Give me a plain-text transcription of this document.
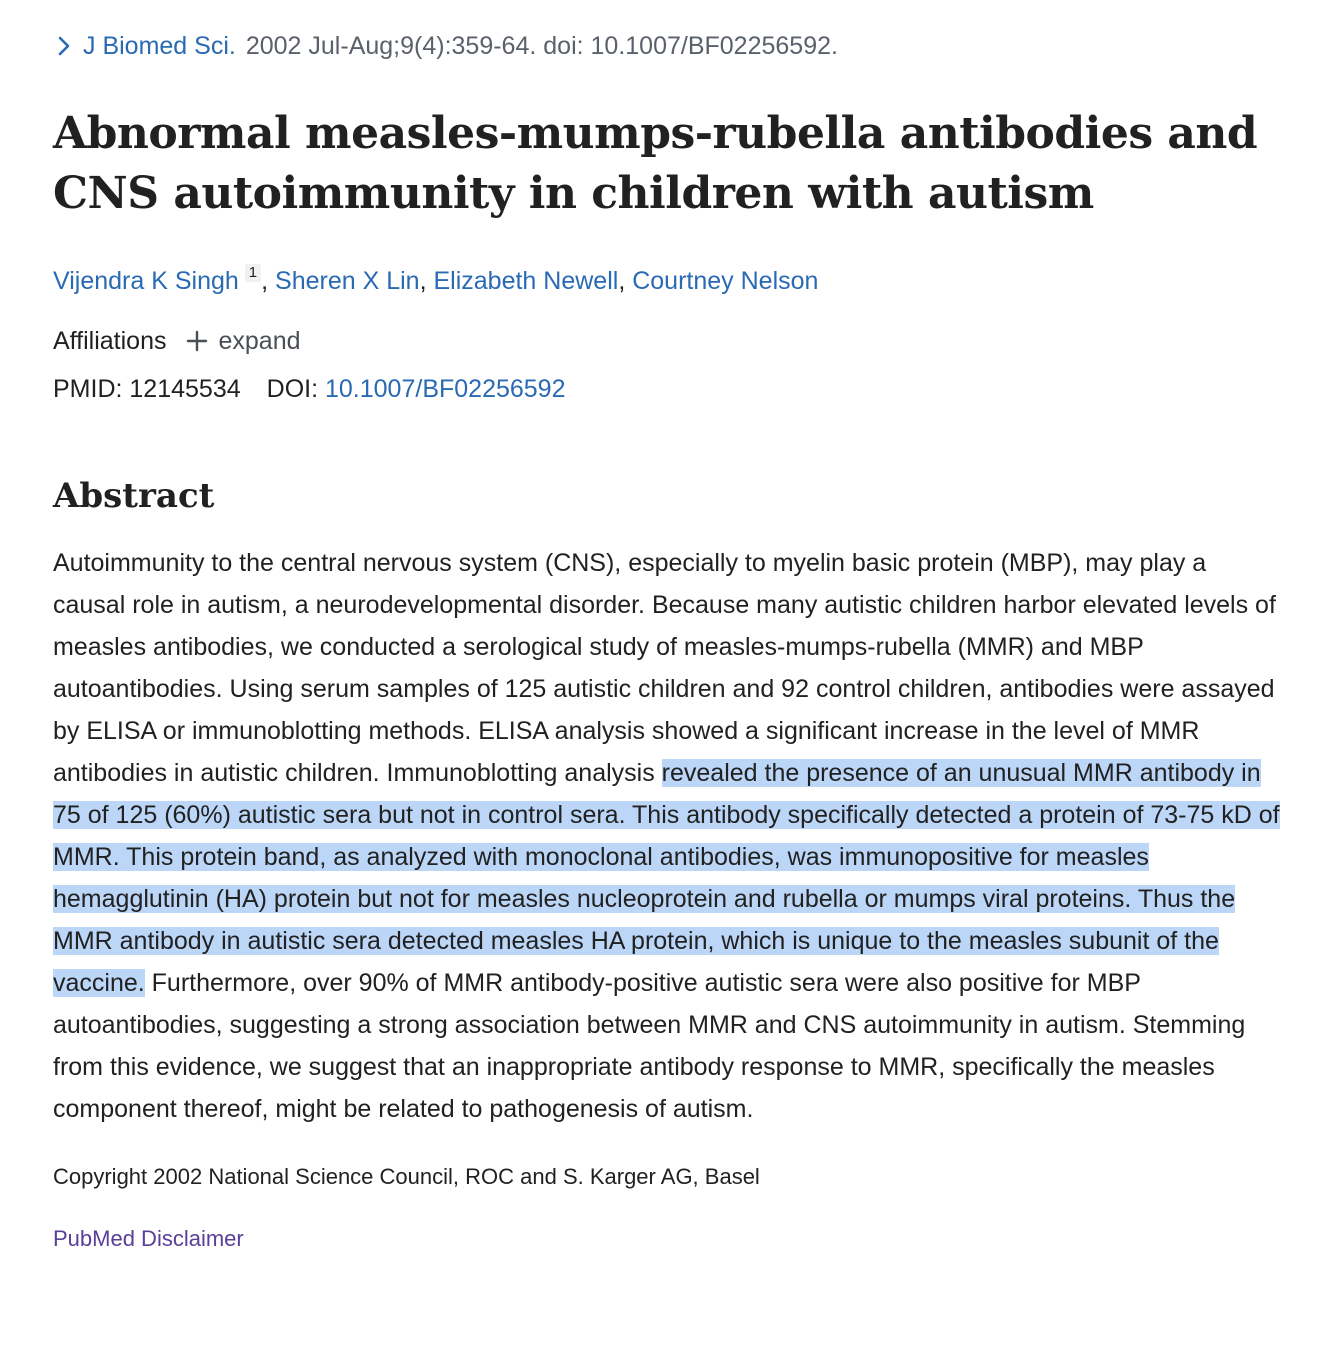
J Biomed Sci. 2002 Jul-Aug;9(4):359-64. doi: 10.1007/BF02256592.
Abnormal measles-mumps-rubella antibodies and CNS autoimmunity in children with autism
Vijendra K Singh $^1$ , Sheren X Lin, Elizabeth Newell, Courtney Nelson
Affiliations expand
PMID: 12145534 DOI: 10.1007/BF02256592
Abstract
Autoimmunity to the central nervous system (CNS), especially to myelin basic protein (MBP), may play a causal role in autism, a neurodevelopmental disorder. Because many autistic children harbor elevated levels of measles antibodies, we conducted a serological study of measles-mumps-rubella (MMR) and MBP autoantibodies. Using serum samples of 125 autistic children and 92 control children, antibodies were assayed by ELISA or immunoblotting methods. ELISA analysis showed a significant increase in the level of MMR antibodies in autistic children. Immunoblotting analysis revealed the presence of an unusual MMR antibody in 75 of 125 (60%) autistic sera but not in control sera. This antibody specifically detected a protein of 73-75 kD of MMR. This protein band, as analyzed with monoclonal antibodies, was immunopositive for measles hemagglutinin (HA) protein but not for measles nucleoprotein and rubella or mumps viral proteins. Thus the MMR antibody in autistic sera detected measles HA protein, which is unique to the measles subunit of the vaccine. Furthermore, over 90% of MMR antibody-positive autistic sera were also positive for MBP autoantibodies, suggesting a strong association between MMR and CNS autoimmunity in autism. Stemming from this evidence, we suggest that an inappropriate antibody response to MMR, specifically the measles component thereof, might be related to pathogenesis of autism.
Copyright 2002 National Science Council, ROC and S. Karger AG, Basel
PubMed Disclaimer
